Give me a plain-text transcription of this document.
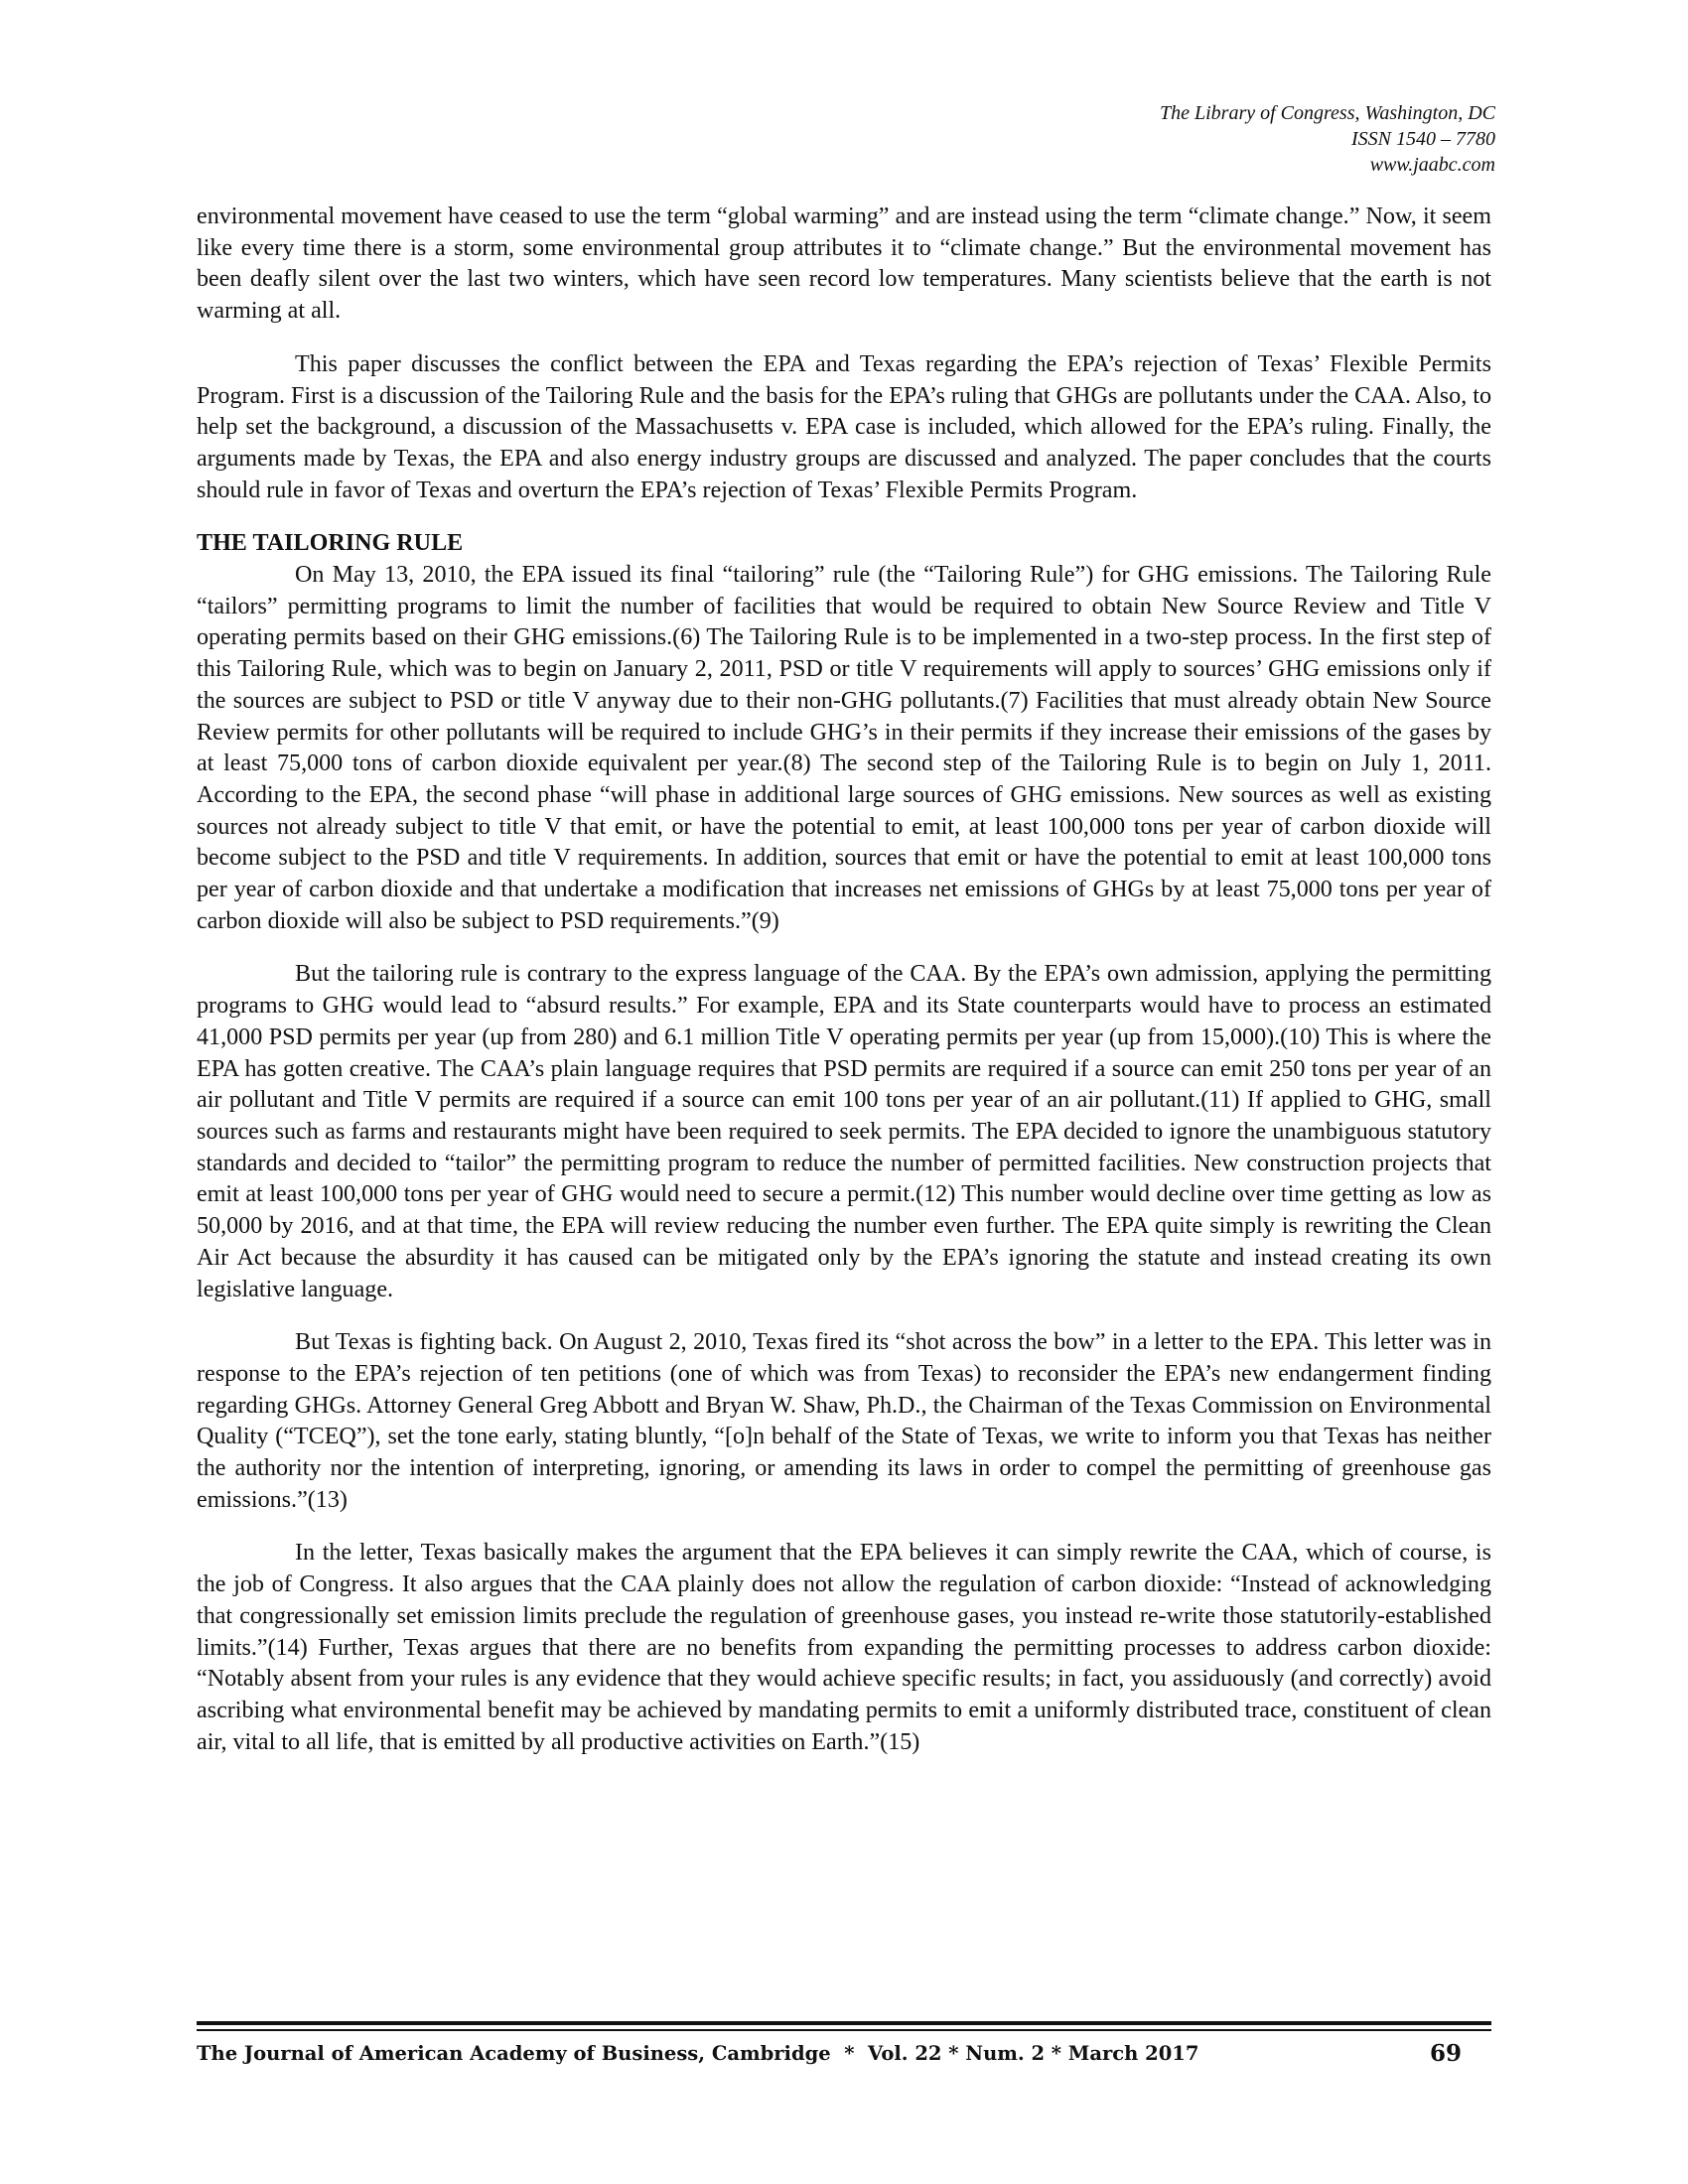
The Library of Congress, Washington, DC
ISSN 1540 – 7780
www.jaabc.com

environmental movement have ceased to use the term “global warming” and are instead using the term “climate change.” Now, it seem like every time there is a storm, some environmental group attributes it to “climate change.” But the environmental movement has been deafly silent over the last two winters, which have seen record low temperatures. Many scientists believe that the earth is not warming at all.

This paper discusses the conflict between the EPA and Texas regarding the EPA’s rejection of Texas’ Flexible Permits Program. First is a discussion of the Tailoring Rule and the basis for the EPA’s ruling that GHGs are pollutants under the CAA. Also, to help set the background, a discussion of the Massachusetts v. EPA case is included, which allowed for the EPA’s ruling. Finally, the arguments made by Texas, the EPA and also energy industry groups are discussed and analyzed. The paper concludes that the courts should rule in favor of Texas and overturn the EPA’s rejection of Texas’ Flexible Permits Program.

THE TAILORING RULE

On May 13, 2010, the EPA issued its final “tailoring” rule (the “Tailoring Rule”) for GHG emissions. The Tailoring Rule “tailors” permitting programs to limit the number of facilities that would be required to obtain New Source Review and Title V operating permits based on their GHG emissions.(6) The Tailoring Rule is to be implemented in a two-step process. In the first step of this Tailoring Rule, which was to begin on January 2, 2011, PSD or title V requirements will apply to sources’ GHG emissions only if the sources are subject to PSD or title V anyway due to their non-GHG pollutants.(7) Facilities that must already obtain New Source Review permits for other pollutants will be required to include GHG’s in their permits if they increase their emissions of the gases by at least 75,000 tons of carbon dioxide equivalent per year.(8) The second step of the Tailoring Rule is to begin on July 1, 2011. According to the EPA, the second phase “will phase in additional large sources of GHG emissions. New sources as well as existing sources not already subject to title V that emit, or have the potential to emit, at least 100,000 tons per year of carbon dioxide will become subject to the PSD and title V requirements. In addition, sources that emit or have the potential to emit at least 100,000 tons per year of carbon dioxide and that undertake a modification that increases net emissions of GHGs by at least 75,000 tons per year of carbon dioxide will also be subject to PSD requirements.”(9)

But the tailoring rule is contrary to the express language of the CAA. By the EPA’s own admission, applying the permitting programs to GHG would lead to “absurd results.” For example, EPA and its State counterparts would have to process an estimated 41,000 PSD permits per year (up from 280) and 6.1 million Title V operating permits per year (up from 15,000).(10) This is where the EPA has gotten creative. The CAA’s plain language requires that PSD permits are required if a source can emit 250 tons per year of an air pollutant and Title V permits are required if a source can emit 100 tons per year of an air pollutant.(11) If applied to GHG, small sources such as farms and restaurants might have been required to seek permits. The EPA decided to ignore the unambiguous statutory standards and decided to “tailor” the permitting program to reduce the number of permitted facilities. New construction projects that emit at least 100,000 tons per year of GHG would need to secure a permit.(12) This number would decline over time getting as low as 50,000 by 2016, and at that time, the EPA will review reducing the number even further. The EPA quite simply is rewriting the Clean Air Act because the absurdity it has caused can be mitigated only by the EPA’s ignoring the statute and instead creating its own legislative language.

But Texas is fighting back. On August 2, 2010, Texas fired its “shot across the bow” in a letter to the EPA. This letter was in response to the EPA’s rejection of ten petitions (one of which was from Texas) to reconsider the EPA’s new endangerment finding regarding GHGs. Attorney General Greg Abbott and Bryan W. Shaw, Ph.D., the Chairman of the Texas Commission on Environmental Quality (“TCEQ”), set the tone early, stating bluntly, “[o]n behalf of the State of Texas, we write to inform you that Texas has neither the authority nor the intention of interpreting, ignoring, or amending its laws in order to compel the permitting of greenhouse gas emissions.”(13)

In the letter, Texas basically makes the argument that the EPA believes it can simply rewrite the CAA, which of course, is the job of Congress. It also argues that the CAA plainly does not allow the regulation of carbon dioxide: “Instead of acknowledging that congressionally set emission limits preclude the regulation of greenhouse gases, you instead re-write those statutorily-established limits.”(14) Further, Texas argues that there are no benefits from expanding the permitting processes to address carbon dioxide: “Notably absent from your rules is any evidence that they would achieve specific results; in fact, you assiduously (and correctly) avoid ascribing what environmental benefit may be achieved by mandating permits to emit a uniformly distributed trace, constituent of clean air, vital to all life, that is emitted by all productive activities on Earth.”(15)

The Journal of American Academy of Business, Cambridge  *  Vol. 22 * Num. 2 * March 2017	69
